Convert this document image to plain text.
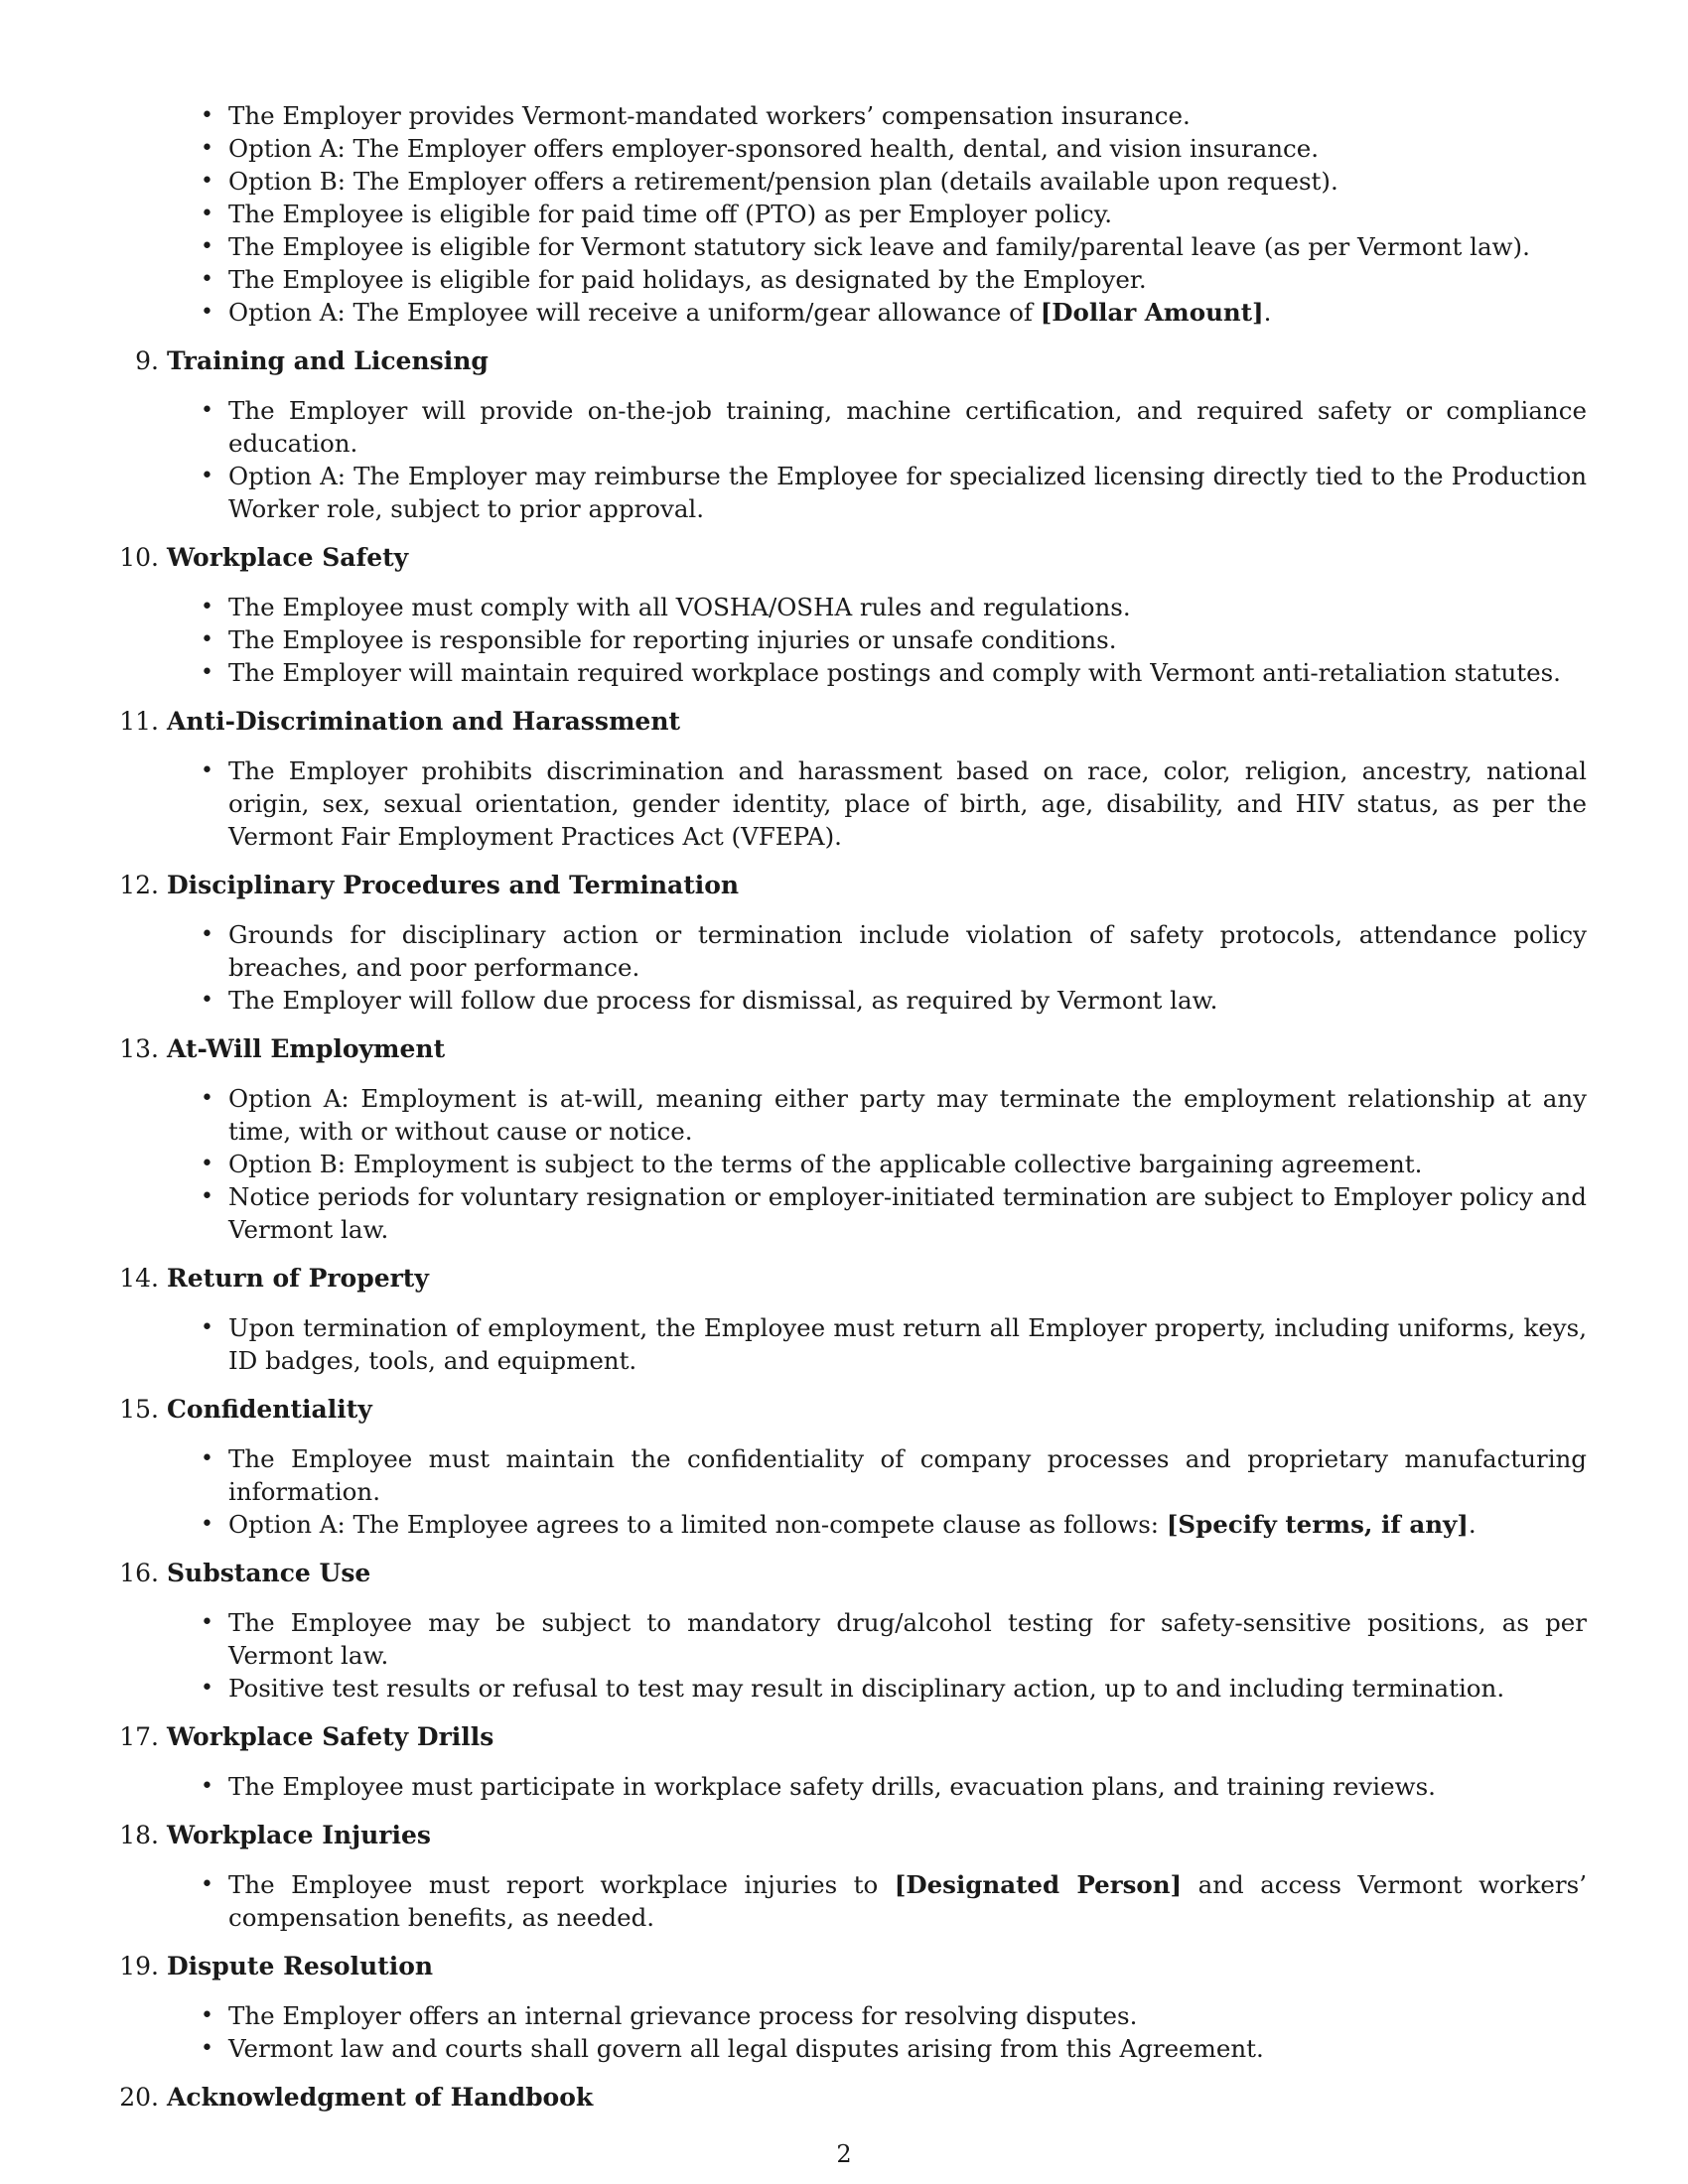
• The Employer provides Vermont-mandated workers’ compensation insurance.
• Option A: The Employer offers employer-sponsored health, dental, and vision insurance.
• Option B: The Employer offers a retirement/pension plan (details available upon request).
• The Employee is eligible for paid time off (PTO) as per Employer policy.
• The Employee is eligible for Vermont statutory sick leave and family/parental leave (as per Vermont law).
• The Employee is eligible for paid holidays, as designated by the Employer.
• Option A: The Employee will receive a uniform/gear allowance of [Dollar Amount].
9. Training and Licensing
• The Employer will provide on-the-job training, machine certification, and required safety or compliance education.
• Option A: The Employer may reimburse the Employee for specialized licensing directly tied to the Production Worker role, subject to prior approval.
10. Workplace Safety
• The Employee must comply with all VOSHA/OSHA rules and regulations.
• The Employee is responsible for reporting injuries or unsafe conditions.
• The Employer will maintain required workplace postings and comply with Vermont anti-retaliation statutes.
11. Anti-Discrimination and Harassment
• The Employer prohibits discrimination and harassment based on race, color, religion, ancestry, national origin, sex, sexual orientation, gender identity, place of birth, age, disability, and HIV status, as per the Vermont Fair Employment Practices Act (VFEPA).
12. Disciplinary Procedures and Termination
• Grounds for disciplinary action or termination include violation of safety protocols, attendance policy breaches, and poor performance.
• The Employer will follow due process for dismissal, as required by Vermont law.
13. At-Will Employment
• Option A: Employment is at-will, meaning either party may terminate the employment relationship at any time, with or without cause or notice.
• Option B: Employment is subject to the terms of the applicable collective bargaining agreement.
• Notice periods for voluntary resignation or employer-initiated termination are subject to Employer policy and Vermont law.
14. Return of Property
• Upon termination of employment, the Employee must return all Employer property, including uniforms, keys, ID badges, tools, and equipment.
15. Confidentiality
• The Employee must maintain the confidentiality of company processes and proprietary manufacturing information.
• Option A: The Employee agrees to a limited non-compete clause as follows: [Specify terms, if any].
16. Substance Use
• The Employee may be subject to mandatory drug/alcohol testing for safety-sensitive positions, as per Vermont law.
• Positive test results or refusal to test may result in disciplinary action, up to and including termination.
17. Workplace Safety Drills
• The Employee must participate in workplace safety drills, evacuation plans, and training reviews.
18. Workplace Injuries
• The Employee must report workplace injuries to [Designated Person] and access Vermont workers’ compensation benefits, as needed.
19. Dispute Resolution
• The Employer offers an internal grievance process for resolving disputes.
• Vermont law and courts shall govern all legal disputes arising from this Agreement.
20. Acknowledgment of Handbook
2
